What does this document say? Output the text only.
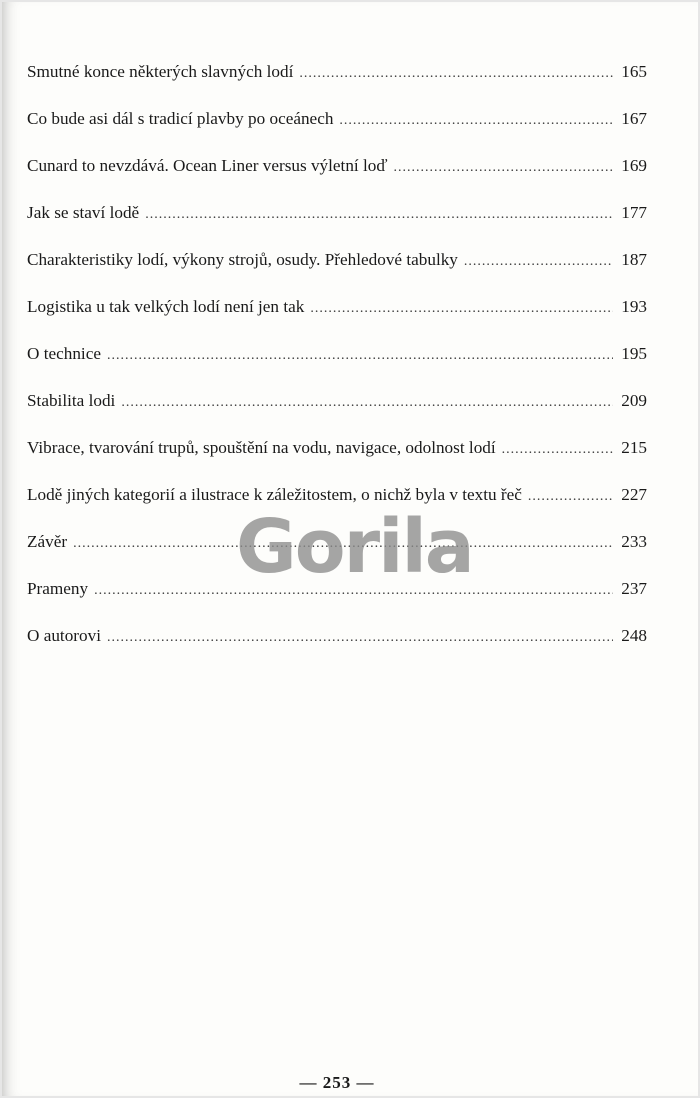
Smutné konce některých slavných lodí .....	165
Co bude asi dál s tradicí plavby po oceánech .....	167
Cunard to nevzdává. Ocean Liner versus výletní loď .....	169
Jak se staví lodě .....	177
Charakteristiky lodí, výkony strojů, osudy. Přehledové tabulky .....	187
Logistika u tak velkých lodí není jen tak .....	193
O technice .....	195
Stabilita lodi .....	209
Vibrace, tvarování trupů, spouštění na vodu, navigace, odolnost lodí .....	215
Lodě jiných kategorií a ilustrace k záležitostem, o nichž byla v textu řeč .....	227
Závěr .....	233
Prameny .....	237
O autorovi .....	248
Gorila
— 253 —
